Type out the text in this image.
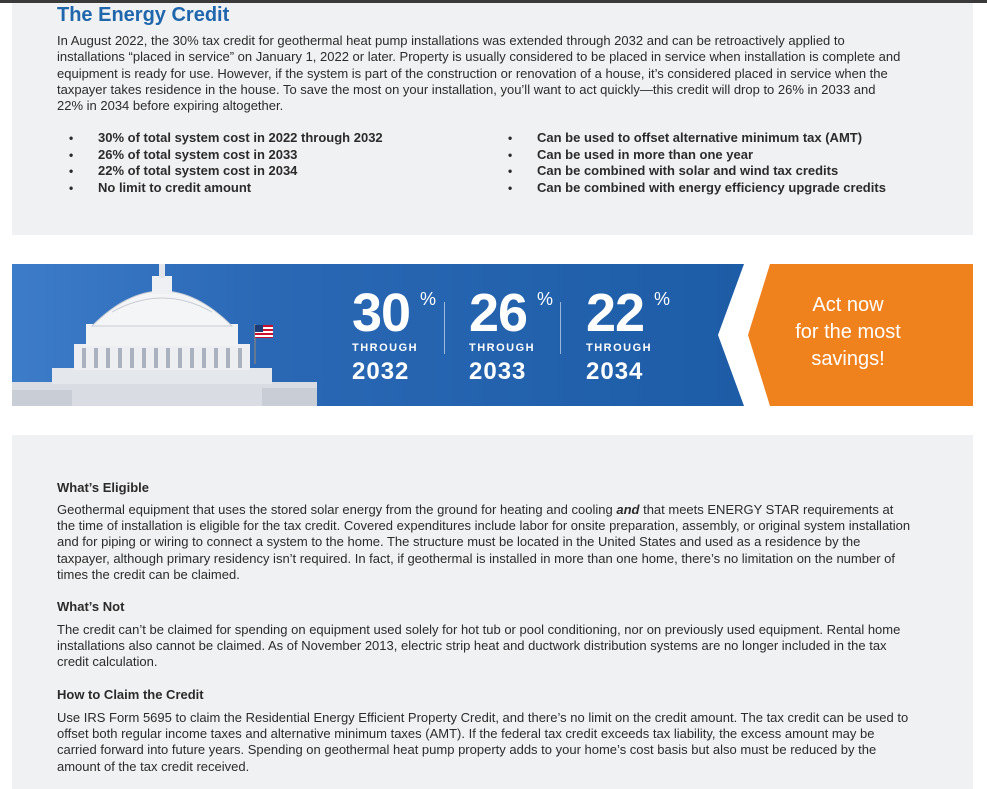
The Energy Credit

In August 2022, the 30% tax credit for geothermal heat pump installations was extended through 2032 and can be retroactively applied to installations “placed in service” on January 1, 2022 or later. Property is usually considered to be placed in service when installation is complete and equipment is ready for use. However, if the system is part of the construction or renovation of a house, it’s considered placed in service when the taxpayer takes residence in the house. To save the most on your installation, you’ll want to act quickly—this credit will drop to 26% in 2033 and 22% in 2034 before expiring altogether.

• 30% of total system cost in 2022 through 2032
• 26% of total system cost in 2033
• 22% of total system cost in 2034
• No limit to credit amount
• Can be used to offset alternative minimum tax (AMT)
• Can be used in more than one year
• Can be combined with solar and wind tax credits
• Can be combined with energy efficiency upgrade credits
30 %
THROUGH
2032
26 %
THROUGH
2033
22 %
THROUGH
2034
Act now
for the most
savings!
What’s Eligible

Geothermal equipment that uses the stored solar energy from the ground for heating and cooling and that meets ENERGY STAR requirements at the time of installation is eligible for the tax credit. Covered expenditures include labor for onsite preparation, assembly, or original system installation and for piping or wiring to connect a system to the home. The structure must be located in the United States and used as a residence by the taxpayer, although primary residency isn’t required. In fact, if geothermal is installed in more than one home, there’s no limitation on the number of times the credit can be claimed.

What’s Not

The credit can’t be claimed for spending on equipment used solely for hot tub or pool conditioning, nor on previously used equipment. Rental home installations also cannot be claimed. As of November 2013, electric strip heat and ductwork distribution systems are no longer included in the tax credit calculation.

How to Claim the Credit

Use IRS Form 5695 to claim the Residential Energy Efficient Property Credit, and there’s no limit on the credit amount. The tax credit can be used to offset both regular income taxes and alternative minimum taxes (AMT). If the federal tax credit exceeds tax liability, the excess amount may be carried forward into future years. Spending on geothermal heat pump property adds to your home’s cost basis but also must be reduced by the amount of the tax credit received.
